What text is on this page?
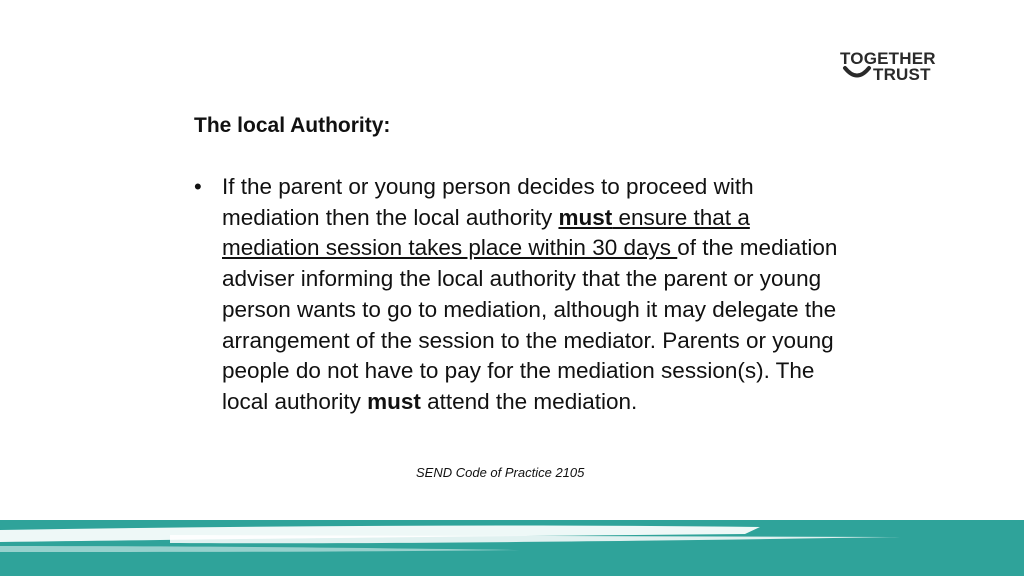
TOGETHER
TRUST
The local Authority:
• If the parent or young person decides to proceed with mediation then the local authority must ensure that a mediation session takes place within 30 days of the mediation adviser informing the local authority that the parent or young person wants to go to mediation, although it may delegate the arrangement of the session to the mediator. Parents or young people do not have to pay for the mediation session(s). The local authority must attend the mediation.
SEND Code of Practice 2105
